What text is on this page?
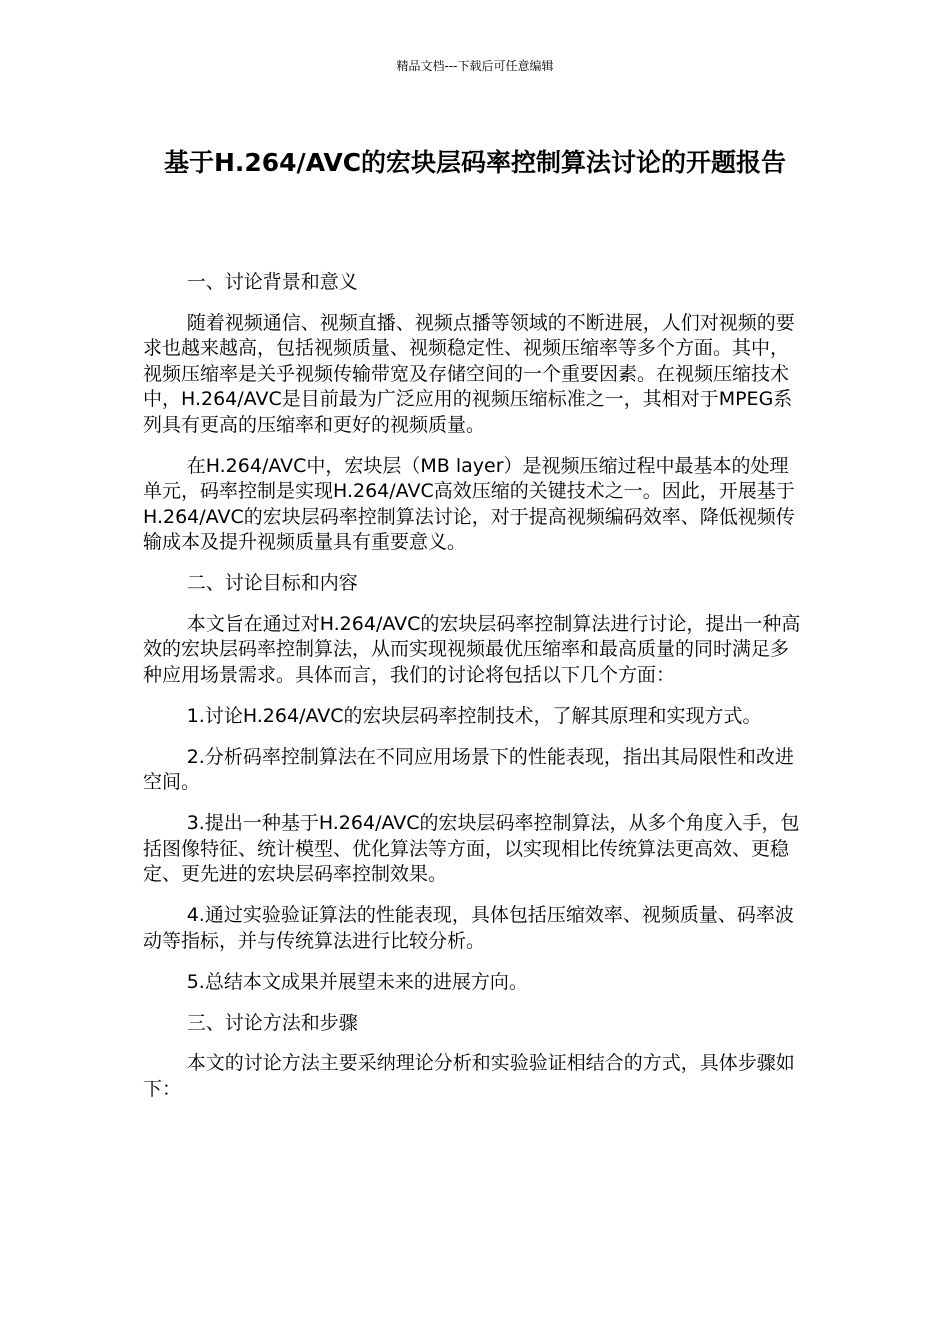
精品文档---下载后可任意编辑
基于H.264/AVC的宏块层码率控制算法讨论的开题报告

一、讨论背景和意义

随着视频通信、视频直播、视频点播等领域的不断进展，人们对视频的要求也越来越高，包括视频质量、视频稳定性、视频压缩率等多个方面。其中，视频压缩率是关乎视频传输带宽及存储空间的一个重要因素。在视频压缩技术中，H.264/AVC是目前最为广泛应用的视频压缩标准之一，其相对于MPEG系列具有更高的压缩率和更好的视频质量。

在H.264/AVC中，宏块层（MB layer）是视频压缩过程中最基本的处理单元，码率控制是实现H.264/AVC高效压缩的关键技术之一。因此，开展基于H.264/AVC的宏块层码率控制算法讨论，对于提高视频编码效率、降低视频传输成本及提升视频质量具有重要意义。

二、讨论目标和内容

本文旨在通过对H.264/AVC的宏块层码率控制算法进行讨论，提出一种高效的宏块层码率控制算法，从而实现视频最优压缩率和最高质量的同时满足多种应用场景需求。具体而言，我们的讨论将包括以下几个方面：

1.讨论H.264/AVC的宏块层码率控制技术，了解其原理和实现方式。

2.分析码率控制算法在不同应用场景下的性能表现，指出其局限性和改进空间。

3.提出一种基于H.264/AVC的宏块层码率控制算法，从多个角度入手，包括图像特征、统计模型、优化算法等方面，以实现相比传统算法更高效、更稳定、更先进的宏块层码率控制效果。

4.通过实验验证算法的性能表现，具体包括压缩效率、视频质量、码率波动等指标，并与传统算法进行比较分析。

5.总结本文成果并展望未来的进展方向。

三、讨论方法和步骤

本文的讨论方法主要采纳理论分析和实验验证相结合的方式，具体步骤如下：
